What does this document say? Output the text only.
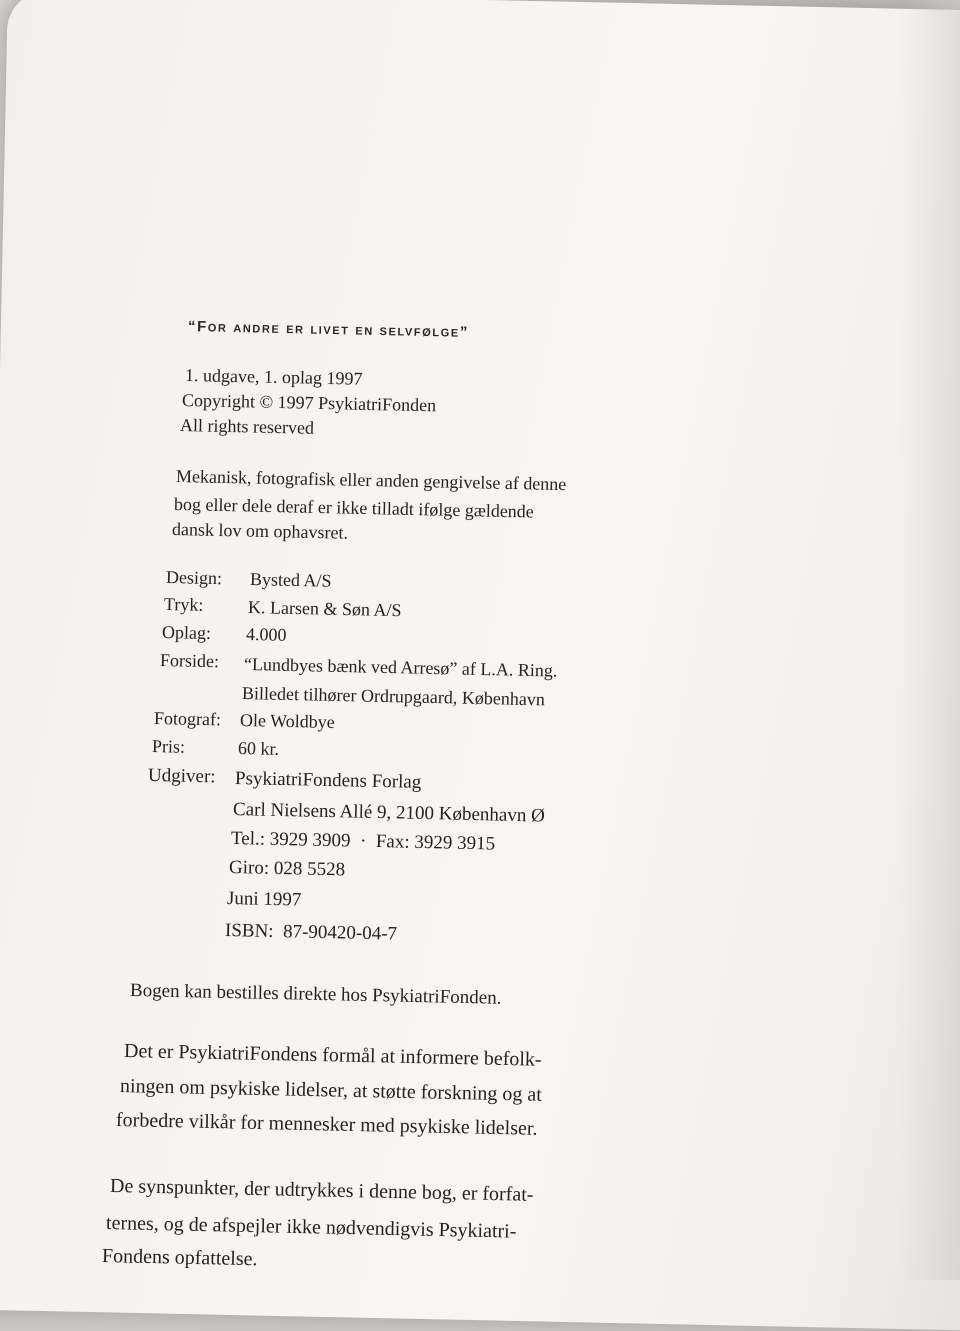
“For andre er livet en selvfølge”
1. udgave, 1. oplag 1997
Copyright © 1997 PsykiatriFonden
All rights reserved
Mekanisk, fotografisk eller anden gengivelse af denne
bog eller dele deraf er ikke tilladt ifølge gældende
dansk lov om ophavsret.
Design: Bysted A/S
Tryk: K. Larsen & Søn A/S
Oplag: 4.000
Forside: “Lundbyes bænk ved Arresø” af L.A. Ring.
Billedet tilhører Ordrupgaard, København
Fotograf: Ole Woldbye
Pris:	60 kr.
Udgiver: PsykiatriFondens Forlag
Carl Nielsens Allé 9, 2100 København Ø
Tel.: 3929 3909  ·  Fax: 3929 3915
Giro: 028 5528
Juni 1997
ISBN:  87-90420-04-7
Bogen kan bestilles direkte hos PsykiatriFonden.
Det er PsykiatriFondens formål at informere befolk-
ningen om psykiske lidelser, at støtte forskning og at
forbedre vilkår for mennesker med psykiske lidelser.
De synspunkter, der udtrykkes i denne bog, er forfat-
ternes, og de afspejler ikke nødvendigvis Psykiatri-
Fondens opfattelse.
